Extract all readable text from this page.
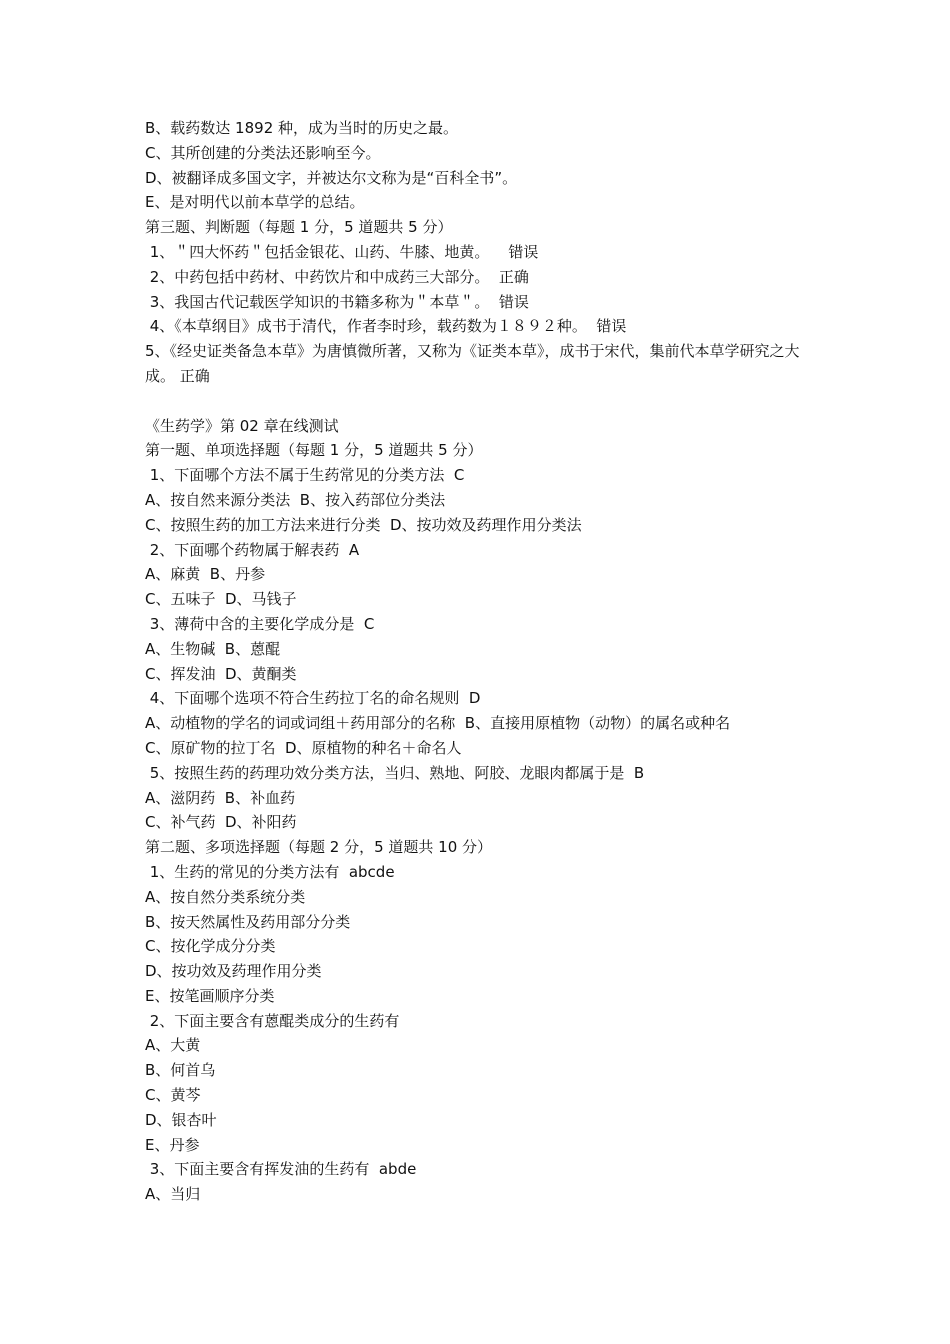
B、载药数达 1892 种，成为当时的历史之最。
C、其所创建的分类法还影响至今。
D、被翻译成多国文字，并被达尔文称为是“百科全书”。
E、是对明代以前本草学的总结。
第三题、判断题（每题 1 分，5 道题共 5 分）
1、＂四大怀药＂包括金银花、山药、牛膝、地黄。    错误
2、中药包括中药材、中药饮片和中成药三大部分。  正确
3、我国古代记载医学知识的书籍多称为＂本草＂。  错误
4、《本草纲目》成书于清代，作者李时珍，载药数为１８９２种。  错误
5、《经史证类备急本草》为唐慎微所著，又称为《证类本草》，成书于宋代，集前代本草学研究之大成。 正确
《生药学》第 02 章在线测试
第一题、单项选择题（每题 1 分，5 道题共 5 分）
1、下面哪个方法不属于生药常见的分类方法  C
A、按自然来源分类法  B、按入药部位分类法
C、按照生药的加工方法来进行分类  D、按功效及药理作用分类法
2、下面哪个药物属于解表药  A
A、麻黄  B、丹参
C、五味子  D、马钱子
3、薄荷中含的主要化学成分是  C
A、生物碱  B、蒽醌
C、挥发油  D、黄酮类
4、下面哪个选项不符合生药拉丁名的命名规则  D
A、动植物的学名的词或词组＋药用部分的名称  B、直接用原植物（动物）的属名或种名
C、原矿物的拉丁名  D、原植物的种名＋命名人
5、按照生药的药理功效分类方法，当归、熟地、阿胶、龙眼肉都属于是  B
A、滋阴药  B、补血药
C、补气药  D、补阳药
第二题、多项选择题（每题 2 分，5 道题共 10 分）
1、生药的常见的分类方法有  abcde
A、按自然分类系统分类
B、按天然属性及药用部分分类
C、按化学成分分类
D、按功效及药理作用分类
E、按笔画顺序分类
2、下面主要含有蒽醌类成分的生药有
A、大黄
B、何首乌
C、黄芩
D、银杏叶
E、丹参
3、下面主要含有挥发油的生药有  abde
A、当归
